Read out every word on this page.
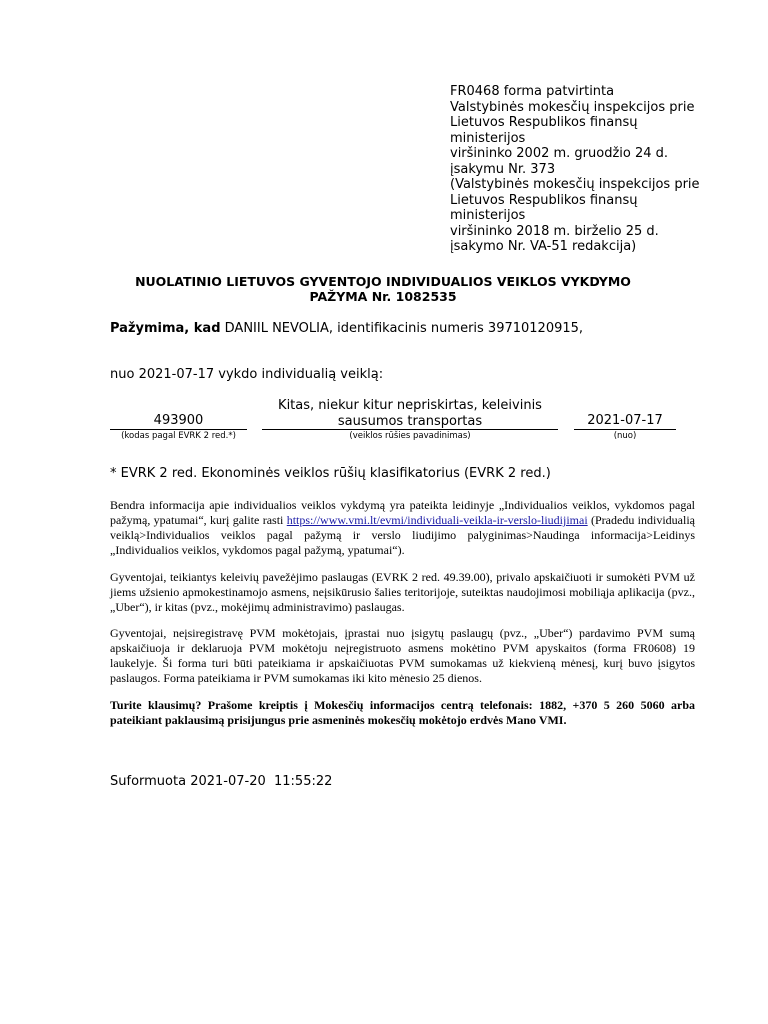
FR0468 forma patvirtinta
Valstybinės mokesčių inspekcijos prie
Lietuvos Respublikos finansų
ministerijos
viršininko 2002 m. gruodžio 24 d.
įsakymu Nr. 373
(Valstybinės mokesčių inspekcijos prie
Lietuvos Respublikos finansų
ministerijos
viršininko 2018 m. birželio 25 d.
įsakymo Nr. VA-51 redakcija)
NUOLATINIO LIETUVOS GYVENTOJO INDIVIDUALIOS VEIKLOS VYKDYMO
PAŽYMA Nr. 1082535
Pažymima, kad DANIIL NEVOLIA, identifikacinis numeris 39710120915,
nuo 2021-07-17 vykdo individualią veiklą:
493900
(kodas pagal EVRK 2 red.*)
Kitas, niekur kitur nepriskirtas, keleivinis sausumos transportas
(veiklos rūšies pavadinimas)
2021-07-17
(nuo)
* EVRK 2 red. Ekonominės veiklos rūšių klasifikatorius (EVRK 2 red.)
Bendra informacija apie individualios veiklos vykdymą yra pateikta leidinyje „Individualios veiklos, vykdomos pagal pažymą, ypatumai“, kurį galite rasti https://www.vmi.lt/evmi/individuali-veikla-ir-verslo-liudijimai (Pradedu individualią veiklą>Individualios veiklos pagal pažymą ir verslo liudijimo palyginimas>Naudinga informacija>Leidinys „Individualios veiklos, vykdomos pagal pažymą, ypatumai“).
Gyventojai, teikiantys keleivių pavežėjimo paslaugas (EVRK 2 red. 49.39.00), privalo apskaičiuoti ir sumokėti PVM už jiems užsienio apmokestinamojo asmens, neįsikūrusio šalies teritorijoje, suteiktas naudojimosi mobiliąja aplikacija (pvz., „Uber“), ir kitas (pvz., mokėjimų administravimo) paslaugas.
Gyventojai, neįsiregistravę PVM mokėtojais, įprastai nuo įsigytų paslaugų (pvz., „Uber“) pardavimo PVM sumą apskaičiuoja ir deklaruoja PVM mokėtoju neįregistruoto asmens mokėtino PVM apyskaitos (forma FR0608) 19 laukelyje. Ši forma turi būti pateikiama ir apskaičiuotas PVM sumokamas už kiekvieną mėnesį, kurį buvo įsigytos paslaugos. Forma pateikiama ir PVM sumokamas iki kito mėnesio 25 dienos.
Turite klausimų? Prašome kreiptis į Mokesčių informacijos centrą telefonais: 1882, +370 5 260 5060 arba pateikiant paklausimą prisijungus prie asmeninės mokesčių mokėtojo erdvės Mano VMI.
Suformuota 2021-07-20  11:55:22
